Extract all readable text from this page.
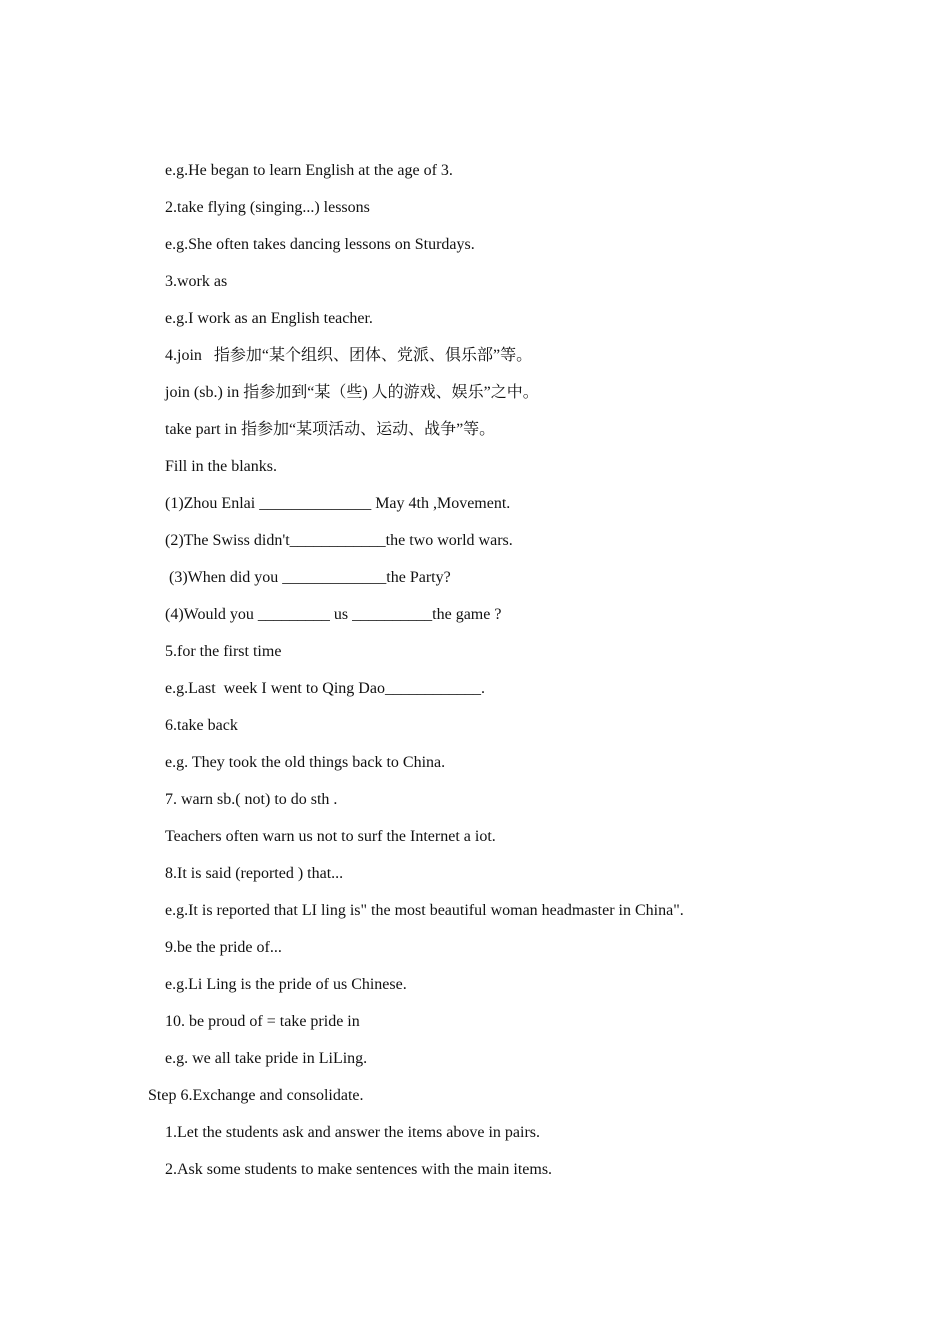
e.g.He began to learn English at the age of 3.
2.take flying (singing...) lessons
e.g.She often takes dancing lessons on Sturdays.
3.work as
e.g.I work as an English teacher.
4.join   指参加“某个组织、团体、党派、俱乐部”等。
join (sb.) in 指参加到“某（些) 人的游戏、娱乐”之中。
take part in 指参加“某项活动、运动、战争”等。
Fill in the blanks.
(1)Zhou Enlai ______________ May 4th ,Movement.
(2)The Swiss didn't____________the two world wars.
(3)When did you _____________the Party?
(4)Would you _________ us __________the game ?
5.for the first time
e.g.Last  week I went to Qing Dao____________.
6.take back
e.g. They took the old things back to China.
7. warn sb.( not) to do sth .
Teachers often warn us not to surf the Internet a iot.
8.It is said (reported ) that...
e.g.It is reported that LI ling is" the most beautiful woman headmaster in China".
9.be the pride of...
e.g.Li Ling is the pride of us Chinese.
10. be proud of = take pride in
e.g. we all take pride in LiLing.
Step 6.Exchange and consolidate.
1.Let the students ask and answer the items above in pairs.
2.Ask some students to make sentences with the main items.
